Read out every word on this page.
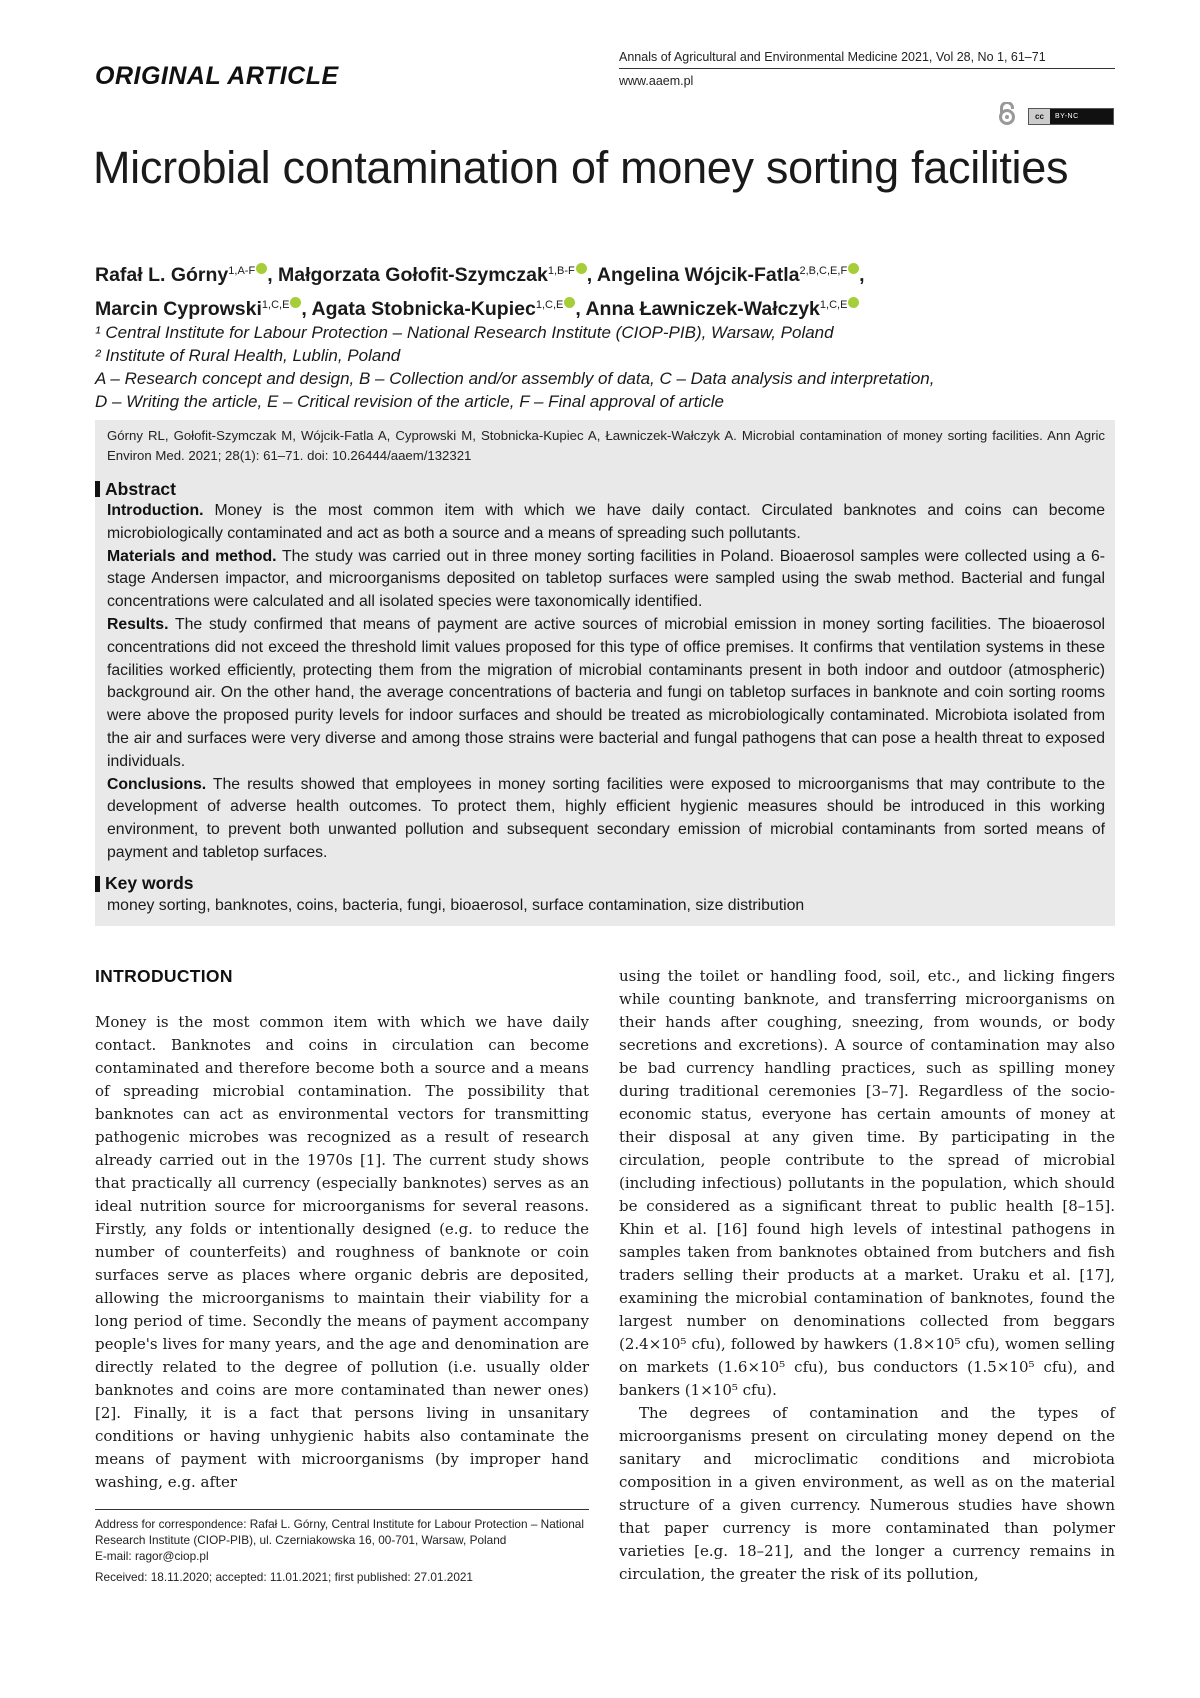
ORIGINAL ARTICLE
Annals of Agricultural and Environmental Medicine 2021, Vol 28, No 1, 61–71
www.aaem.pl
cc	BY-NC
Microbial contamination of money sorting facilities
Rafał L. Górny$^{1,A-F}$ , Małgorzata Gołofit-Szymczak$^{1,B-F}$ , Angelina Wójcik-Fatla$^{2,B,C,E,F}$ ,
Marcin Cyprowski$^{1,C,E}$ , Agata Stobnicka-Kupiec$^{1,C,E}$ , Anna Ławniczek-Wałczyk$^{1,C,E}$
¹ Central Institute for Labour Protection – National Research Institute (CIOP-PIB), Warsaw, Poland
² Institute of Rural Health, Lublin, Poland
A – Research concept and design, B – Collection and/or assembly of data, C – Data analysis and interpretation,
D – Writing the article, E – Critical revision of the article, F – Final approval of article
Górny RL, Gołofit-Szymczak M, Wójcik-Fatla A, Cyprowski M, Stobnicka-Kupiec A, Ławniczek-Wałczyk A. Microbial contamination of money sorting facilities. Ann Agric Environ Med. 2021; 28(1): 61–71. doi: 10.26444/aaem/132321
Abstract
Introduction. Money is the most common item with which we have daily contact. Circulated banknotes and coins can become microbiologically contaminated and act as both a source and a means of spreading such pollutants.
Materials and method. The study was carried out in three money sorting facilities in Poland. Bioaerosol samples were collected using a 6-stage Andersen impactor, and microorganisms deposited on tabletop surfaces were sampled using the swab method. Bacterial and fungal concentrations were calculated and all isolated species were taxonomically identified.
Results. The study confirmed that means of payment are active sources of microbial emission in money sorting facilities. The bioaerosol concentrations did not exceed the threshold limit values proposed for this type of office premises. It confirms that ventilation systems in these facilities worked efficiently, protecting them from the migration of microbial contaminants present in both indoor and outdoor (atmospheric) background air. On the other hand, the average concentrations of bacteria and fungi on tabletop surfaces in banknote and coin sorting rooms were above the proposed purity levels for indoor surfaces and should be treated as microbiologically contaminated. Microbiota isolated from the air and surfaces were very diverse and among those strains were bacterial and fungal pathogens that can pose a health threat to exposed individuals.
Conclusions. The results showed that employees in money sorting facilities were exposed to microorganisms that may contribute to the development of adverse health outcomes. To protect them, highly efficient hygienic measures should be introduced in this working environment, to prevent both unwanted pollution and subsequent secondary emission of microbial contaminants from sorted means of payment and tabletop surfaces.
Key words
money sorting, banknotes, coins, bacteria, fungi, bioaerosol, surface contamination, size distribution
INTRODUCTION

Money is the most common item with which we have daily contact. Banknotes and coins in circulation can become contaminated and therefore become both a source and a means of spreading microbial contamination. The possibility that banknotes can act as environmental vectors for transmitting pathogenic microbes was recognized as a result of research already carried out in the 1970s [1]. The current study shows that practically all currency (especially banknotes) serves as an ideal nutrition source for microorganisms for several reasons. Firstly, any folds or intentionally designed (e.g. to reduce the number of counterfeits) and roughness of banknote or coin surfaces serve as places where organic debris are deposited, allowing the microorganisms to maintain their viability for a long period of time. Secondly the means of payment accompany people's lives for many years, and the age and denomination are directly related to the degree of pollution (i.e. usually older banknotes and coins are more contaminated than newer ones) [2]. Finally, it is a fact that persons living in unsanitary conditions or having unhygienic habits also contaminate the means of payment with microorganisms (by improper hand washing, e.g. after

using the toilet or handling food, soil, etc., and licking fingers while counting banknote, and transferring microorganisms on their hands after coughing, sneezing, from wounds, or body secretions and excretions). A source of contamination may also be bad currency handling practices, such as spilling money during traditional ceremonies [3–7]. Regardless of the socio-economic status, everyone has certain amounts of money at their disposal at any given time. By participating in the circulation, people contribute to the spread of microbial (including infectious) pollutants in the population, which should be considered as a significant threat to public health [8–15]. Khin et al. [16] found high levels of intestinal pathogens in samples taken from banknotes obtained from butchers and fish traders selling their products at a market. Uraku et al. [17], examining the microbial contamination of banknotes, found the largest number on denominations collected from beggars (2.4×10⁵ cfu), followed by hawkers (1.8×10⁵ cfu), women selling on markets (1.6×10⁵ cfu), bus conductors (1.5×10⁵ cfu), and bankers (1×10⁵ cfu).

The degrees of contamination and the types of microorganisms present on circulating money depend on the sanitary and microclimatic conditions and microbiota composition in a given environment, as well as on the material structure of a given currency. Numerous studies have shown that paper currency is more contaminated than polymer varieties [e.g. 18–21], and the longer a currency remains in circulation, the greater the risk of its pollution,

Address for correspondence: Rafał L. Górny, Central Institute for Labour Protection – National Research Institute (CIOP-PIB), ul. Czerniakowska 16, 00-701, Warsaw, Poland
E-mail: ragor@ciop.pl
Received: 18.11.2020; accepted: 11.01.2021; first published: 27.01.2021
